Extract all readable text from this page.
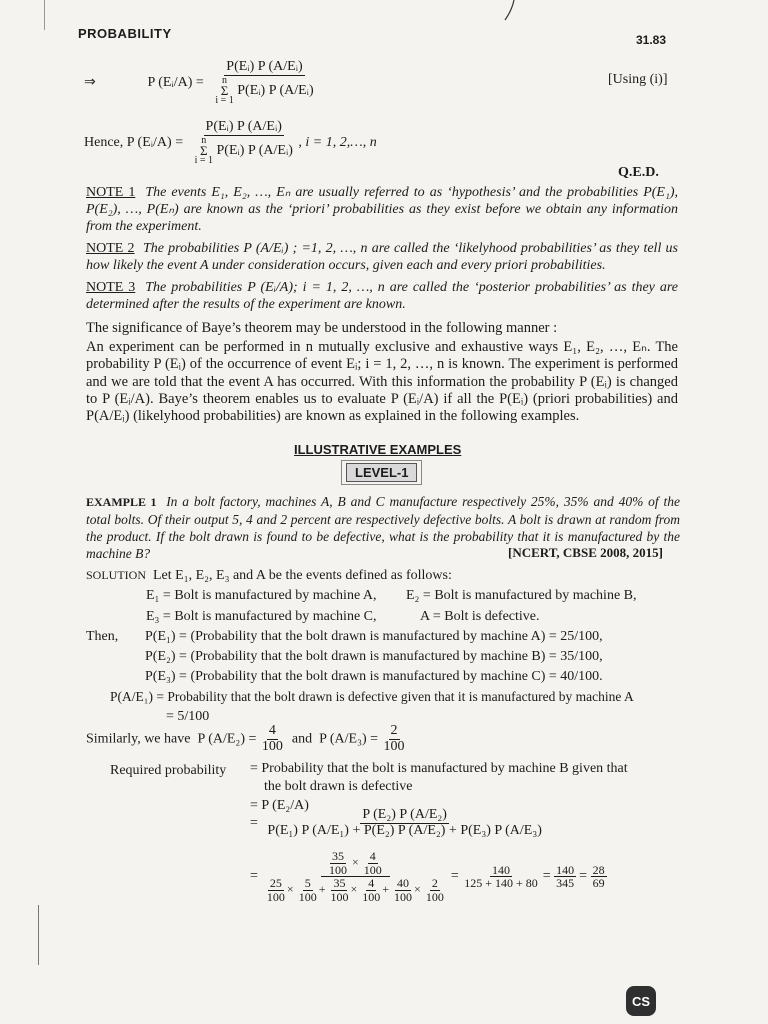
PROBABILITY	31.83
⇒	P (Eᵢ/A) = P(Eᵢ) P (A/Eᵢ)
n
Σ
i = 1
P(Eᵢ) P (A/Eᵢ)	[Using (i)]
Hence, P (Eᵢ/A) = P(Eᵢ) P (A/Eᵢ)
n
Σ
i = 1
P(Eᵢ) P (A/Eᵢ) , i = 1, 2,…, n
Q.E.D.
NOTE 1 The events E₁, E₂, …, Eₙ are usually referred to as ‘hypothesis’ and the probabilities P(E₁), P(E₂), …, P(Eₙ) are known as the ‘priori’ probabilities as they exist before we obtain any information from the experiment.
NOTE 2 The probabilities P (A/Eᵢ) ; =1, 2, …, n are called the ‘likelyhood probabilities’ as they tell us how likely the event A under consideration occurs, given each and every priori probabilities.
NOTE 3 The probabilities P (Eᵢ/A); i = 1, 2, …, n are called the ‘posterior probabilities’ as they are determined after the results of the experiment are known.
The significance of Baye’s theorem may be understood in the following manner :
An experiment can be performed in n mutually exclusive and exhaustive ways E₁, E₂, …, Eₙ. The probability P (Eᵢ) of the occurrence of event Eᵢ; i = 1, 2, …, n is known. The experiment is performed and we are told that the event A has occurred. With this information the probability P (Eᵢ) is changed to P (Eᵢ/A). Baye’s theorem enables us to evaluate P (Eᵢ/A) if all the P(Eᵢ) (priori probabilities) and P(A/Eᵢ) (likelyhood probabilities) are known as explained in the following examples.
ILLUSTRATIVE EXAMPLES
LEVEL-1
EXAMPLE 1 In a bolt factory, machines A, B and C manufacture respectively 25%, 35% and 40% of the total bolts. Of their output 5, 4 and 2 percent are respectively defective bolts. A bolt is drawn at random from the product. If the bolt drawn is found to be defective, what is the probability that it is manufactured by the machine B?	[NCERT, CBSE 2008, 2015]
SOLUTION Let E₁, E₂, E₃ and A be the events defined as follows:
E₁ = Bolt is manufactured by machine A, E₂ = Bolt is manufactured by machine B,
E₃ = Bolt is manufactured by machine C,	A = Bolt is defective.
Then, P(E₁) = (Probability that the bolt drawn is manufactured by machine A) = 25/100,
P(E₂) = (Probability that the bolt drawn is manufactured by machine B) = 35/100,
P(E₃) = (Probability that the bolt drawn is manufactured by machine C) = 40/100.
P(A/E₁) = Probability that the bolt drawn is defective given that it is manufactured by machine A
= 5/100
Similarly, we have P $(A/E_2) = \frac{4}{100}$ and P $(A/E_3) = \frac{2}{100}$
Required probability = Probability that the bolt is manufactured by machine B given that
the bolt drawn is defective
= P (E₂/A)
= $\frac{\text{P (E₂) P (A/E₂)}}{\text{P(E₁) P (A/E₁) + P(E₂) P (A/E₂) + P(E₃) P (A/E₃)}}$
=	$\frac{35}{100} \times \frac{4}{100}$
$\frac{25}{100} \times \frac{5}{100} + \frac{35}{100} \times \frac{4}{100} + \frac{40}{100} \times \frac{2}{100}$
= $\frac{140}{125 + 140 + 80} = \frac{140}{345} = \frac{28}{69}$
CS
